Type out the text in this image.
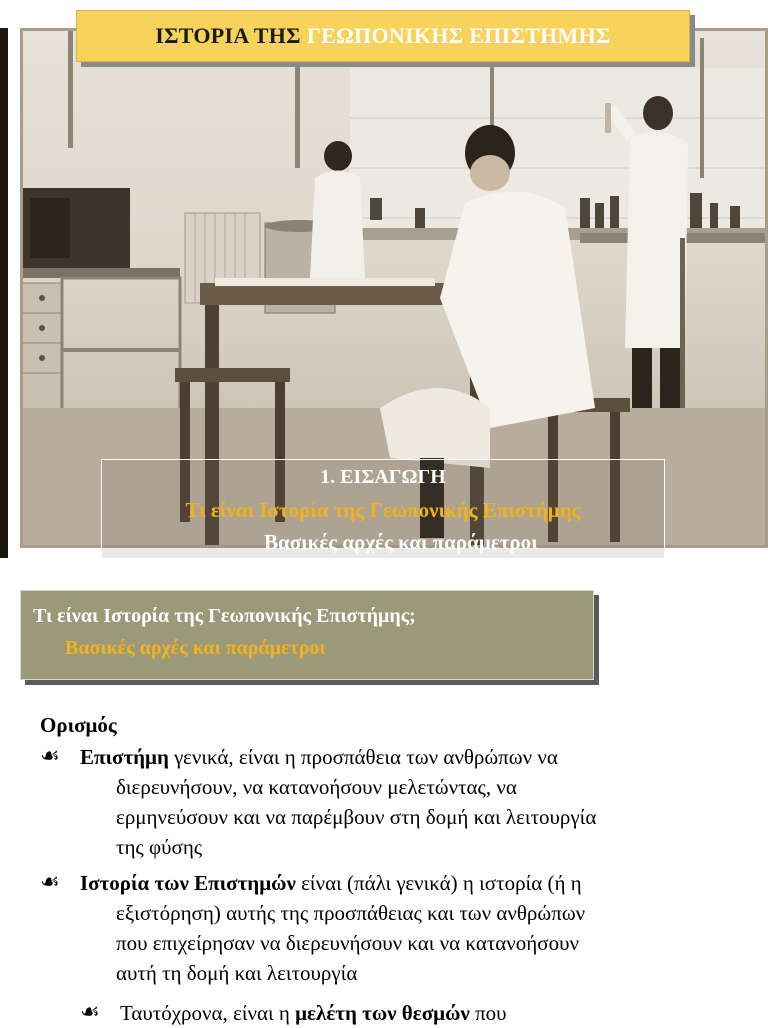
ΙΣΤΟΡΙΑ ΤΗΣ ΓΕΩΠΟΝΙΚΗΣ ΕΠΙΣΤΗΜΗΣ
1. ΕΙΣΑΓΩΓΗ
Τι είναι Ιστορία της Γεωπονικής Επιστήμης
Βασικές αρχές και παράμετροι
Τι είναι Ιστορία της Γεωπονικής Επιστήμης;
Βασικές αρχές και παράμετροι
Ορισμός
☙ Επιστήμη γενικά, είναι η προσπάθεια των ανθρώπων να
διερευνήσουν, να κατανοήσουν μελετώντας, να
ερμηνεύσουν και να παρέμβουν στη δομή και λειτουργία
της φύσης
☙ Ιστορία των Επιστημών είναι (πάλι γενικά) η ιστορία (ή η
εξιστόρηση) αυτής της προσπάθειας και των ανθρώπων
που επιχείρησαν να διερευνήσουν και να κατανοήσουν
αυτή τη δομή και λειτουργία
☙ Ταυτόχρονα, είναι η μελέτη των θεσμών που
